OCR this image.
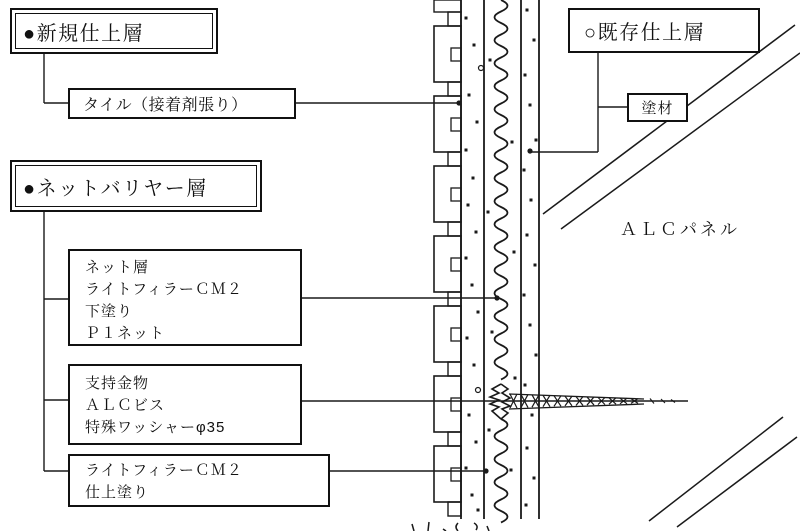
●新規仕上層
●ネットバリヤー層
○既存仕上層
タイル（接着剤張り）
ネット層
ライトフィラーＣＭ２
下塗り
Ｐ１ネット
支持金物
ＡＬＣビス
特殊ワッシャーφ35
ライトフィラーＣＭ２
仕上塗り
塗材
ＡＬＣパネル
